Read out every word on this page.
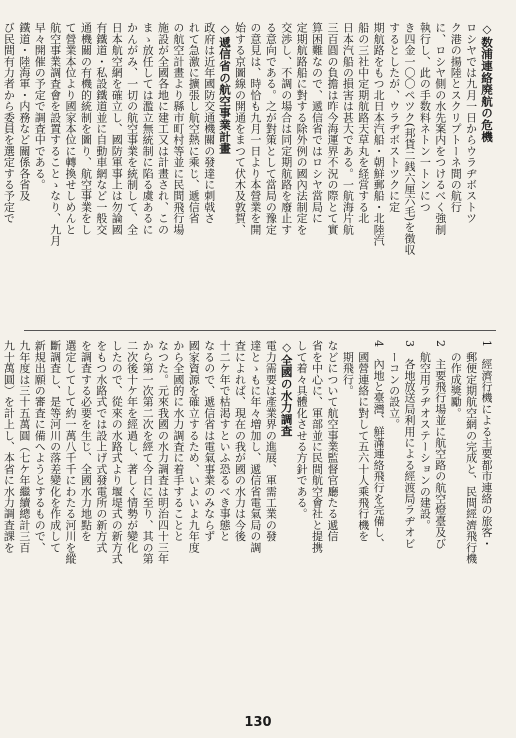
◇数浦連絡廃航の危機
ロシヤでは九月一日からウラヂボストツ
ク港の揚陸とスクリプトーネ間の航行
に、ロシヤ側の水先案内をつけるべく強制
執行し、此の手数料ネトン一トンにつ
き四金一〇〇ペツク(邦貨二銭六厘六毛)を徴収
するとしたが、ウラヂボストツクに定
期航路をもつ北日本汽船・朝鮮郵船・北陸汽
船の三社中定期航路天草丸を経営する北
日本汽船の損害は甚大である。一航海片航
三百圓の負擔は昨今海運界不況の際とて實
算困難なので、遞信省ではロシヤ當局に
定期航路船に對する除外例の國內法制定を
交渉し、不調の場合は同定期航路を廢止す
る意向である。之が對策として當局の豫定
の意見は、時恰も九月一日より本營業を開
始する京圖線の開通をまつて伏木及敦賀、
◇遞信省の航空事業計畫
政府は近年國防交通機關の發達に刺戟さ
れて急激に擴張し航空熱に乘じ、遞信省
の航空計畫より縣市町村等並に民間飛行場
施設が全國各地に建工又は計畫され、この
まゝ放任しては濫立無統制に陷る虞あるに
かんがみ、一切の航空事業を統制して、全
日本航空網を確立し、國防軍事上は勿論國
有鐵道・私設鐵道並に自動車網など一般交
通機關の有機的統制を圖り、航空事業をし
て營業本位より國家本位に轉換せしめんと
航空事業調査會を設置することゝなり、九月
早々開催の予定で調査中である。
鐵道・陸海軍・内務など關係各省及
び民間有力者から委員を選定する予定で
1　經濟行機による主要都市連絡の旅客・
　郵便定期航空網の完成と、民間經濟飛行機
　の作成獎勵。
2　主要飛行場並に航空路の航空燈臺及び
　航空用ラヂオステーションの建設。
3　各地放送局利用による經渡局ラヂオビ
　ーコンの設立。
4　內地と臺灣、鮮滿連絡飛行を完備し、
　國營連絡に對して五六十人乘飛行機を
　期飛行。
などについて航空事業監督官廳たる遞信
省を中心に、軍部並に民間航空會社と提携
して着々具體化させる方針である。
◇全國の水力調査
電力需要は產業界の進展、軍需工業の發
達とゝもに年々増加し、遞信省電氣局の調
査によれば、現在の我が國の水力は今後
十二ケ年で枯渇すといふ恐るべき事態と
なるので、遞信省は電氣事業のみならず
國家資源を確立するため、いよいよ九年度
から全國的に水力調査に着手することと
なつた。元來我國の水力調査は明治四十三年
から第一次第二次を經て今日に至り、其の第
二次後十ケ年を經過し、著しく情勢が變化
したので、從來の水路式より堰堤式の新方式
をもつ水路式では設上げ式發電所の新方式
を調査する必要を生じ、全國水力地點を
選定してして約一萬八千千にわたる河川を縱
斷調査し、是等河川の落差變化を作成して
新規出願の審査に備へようとするもので、
九年度は三十五萬圓（七ケ年繼續總計三百
九十萬圓）を計上し、本省に水力調査課を
130
